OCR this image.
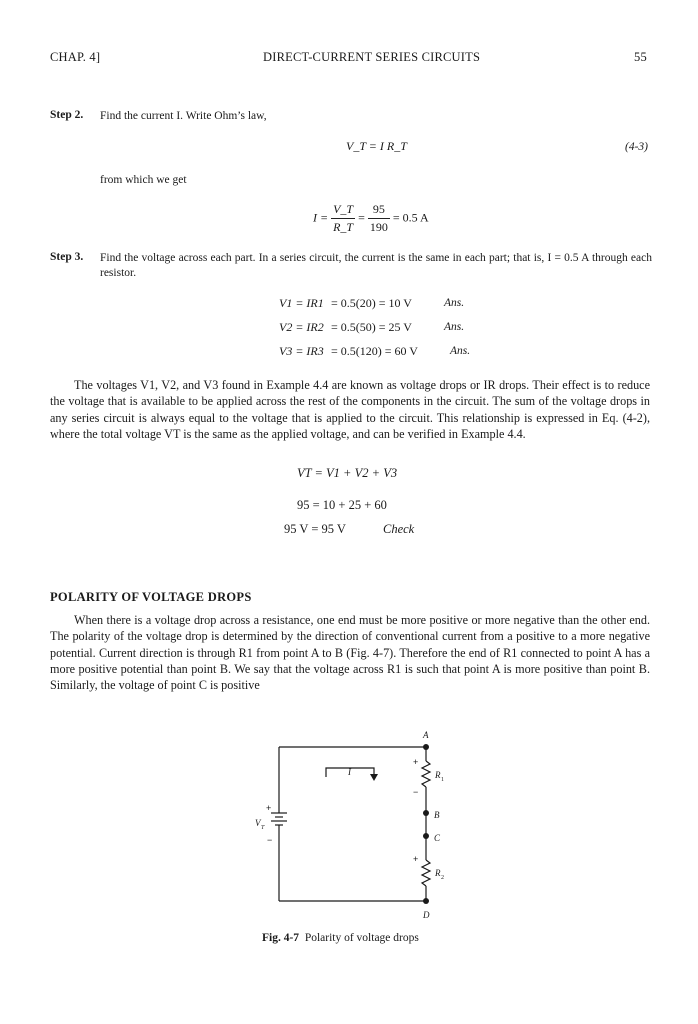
CHAP. 4]	DIRECT-CURRENT SERIES CIRCUITS	55
Step 2. Find the current I. Write Ohm’s law,
V_T = I R_T	(4-3)
from which we get
$I = \frac{V\_T}{R\_T} = \frac{95}{190} = 0.5$ A
Step 3. Find the voltage across each part. In a series circuit, the current is the same in each part; that is, I = 0.5 A through each resistor.
V1 = IR1 = 0.5(20) = 10 V	Ans.
V2 = IR2 = 0.5(50) = 25 V	Ans.
V3 = IR3 = 0.5(120) = 60 V	Ans.
The voltages V1, V2, and V3 found in Example 4.4 are known as voltage drops or IR drops. Their effect is to reduce the voltage that is available to be applied across the rest of the components in the circuit. The sum of the voltage drops in any series circuit is always equal to the voltage that is applied to the circuit. This relationship is expressed in Eq. (4-2), where the total voltage VT is the same as the applied voltage, and can be verified in Example 4.4.
VT = V1 + V2 + V3
95 = 10 + 25 + 60
95 V = 95 V	Check
POLARITY OF VOLTAGE DROPS
When there is a voltage drop across a resistance, one end must be more positive or more negative than the other end. The polarity of the voltage drop is determined by the direction of conventional current from a positive to a more negative potential. Current direction is through R1 from point A to B (Fig. 4-7). Therefore the end of R1 connected to point A has a more positive potential than point B. We say that the voltage across R1 is such that point A is more positive than point B. Similarly, the voltage of point C is positive
A
B
C
D
R 1
R 2
V T
I
+
−
+
+
−
Fig. 4-7 Polarity of voltage drops
